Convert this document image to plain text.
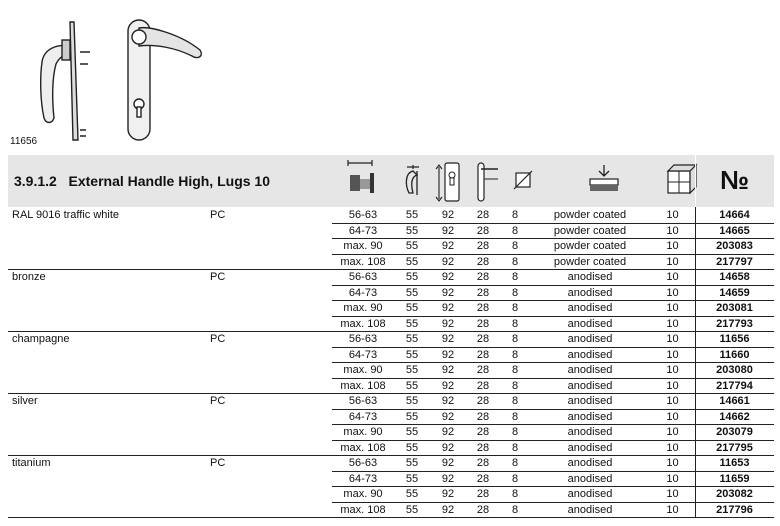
11656
3.9.1.2 External Handle High, Lugs 10	№
RAL 9016 traffic white	PC	56-63	55	92	28	8	powder coated	10	14664
64-73	55	92	28	8	powder coated	10	14665
max. 90	55	92	28	8	powder coated	10	203083
max. 108	55	92	28	8	powder coated	10	217797
bronze	PC	56-63	55	92	28	8	anodised	10	14658
64-73	55	92	28	8	anodised	10	14659
max. 90	55	92	28	8	anodised	10	203081
max. 108	55	92	28	8	anodised	10	217793
champagne	PC	56-63	55	92	28	8	anodised	10	11656
64-73	55	92	28	8	anodised	10	11660
max. 90	55	92	28	8	anodised	10	203080
max. 108	55	92	28	8	anodised	10	217794
silver	PC	56-63	55	92	28	8	anodised	10	14661
64-73	55	92	28	8	anodised	10	14662
max. 90	55	92	28	8	anodised	10	203079
max. 108	55	92	28	8	anodised	10	217795
titanium	PC	56-63	55	92	28	8	anodised	10	11653
64-73	55	92	28	8	anodised	10	11659
max. 90	55	92	28	8	anodised	10	203082
max. 108	55	92	28	8	anodised	10	217796
